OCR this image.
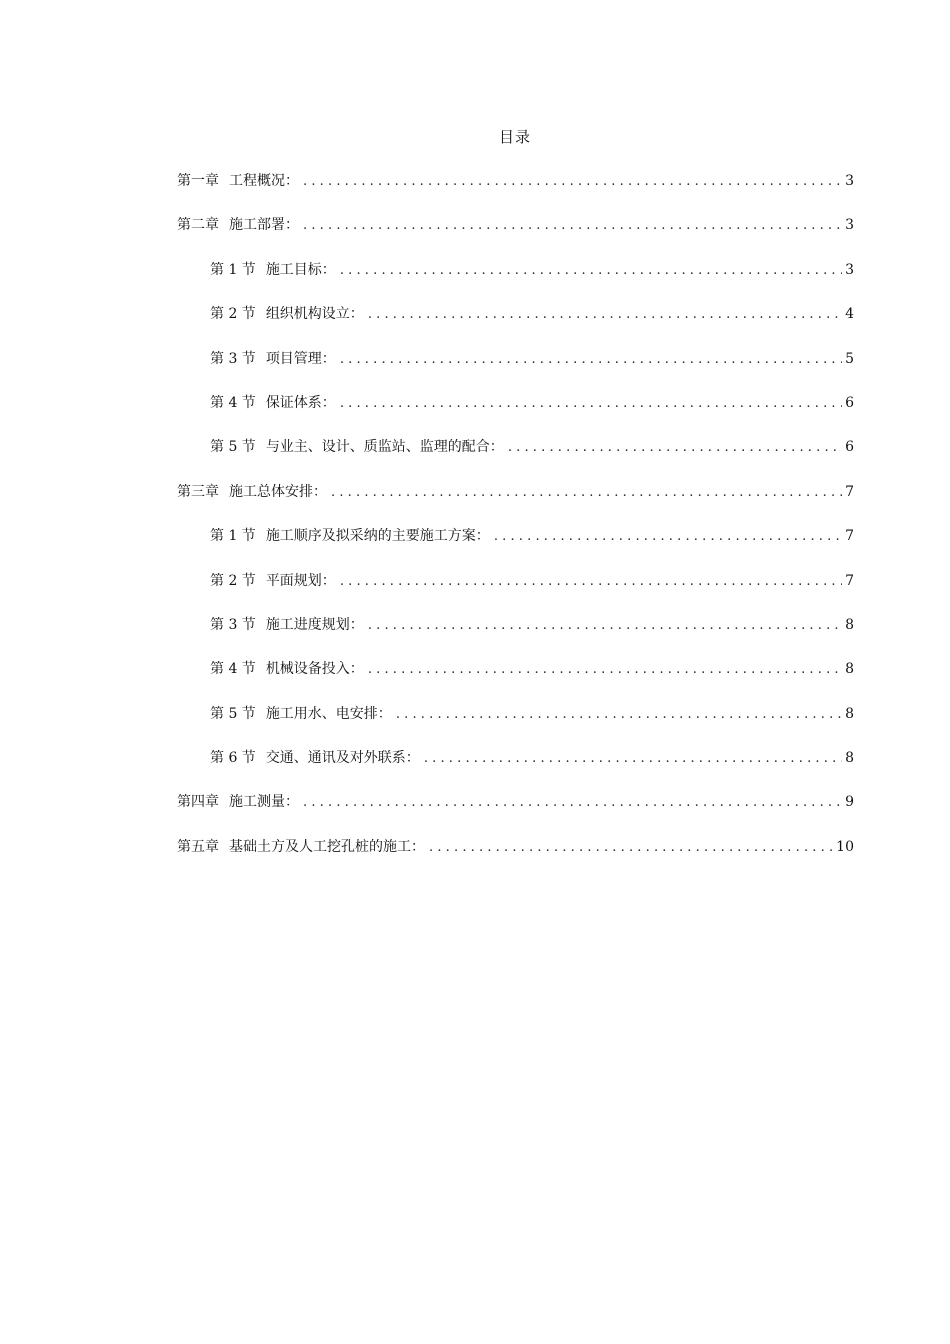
目录
第一章 工程概况： .....	3
第二章 施工部署： .....	3
第 1 节 施工目标： .....	3
第 2 节 组织机构设立： .....	4
第 3 节 项目管理： .....	5
第 4 节 保证体系： .....	6
第 5 节 与业主、设计、质监站、监理的配合： .....	6
第三章 施工总体安排： .....	7
第 1 节 施工顺序及拟采纳的主要施工方案： .....	7
第 2 节 平面规划： .....	7
第 3 节 施工进度规划： .....	8
第 4 节 机械设备投入： .....	8
第 5 节 施工用水、电安排： .....	8
第 6 节 交通、通讯及对外联系： .....	8
第四章 施工测量： .....	9
第五章 基础土方及人工挖孔桩的施工： .....	10
